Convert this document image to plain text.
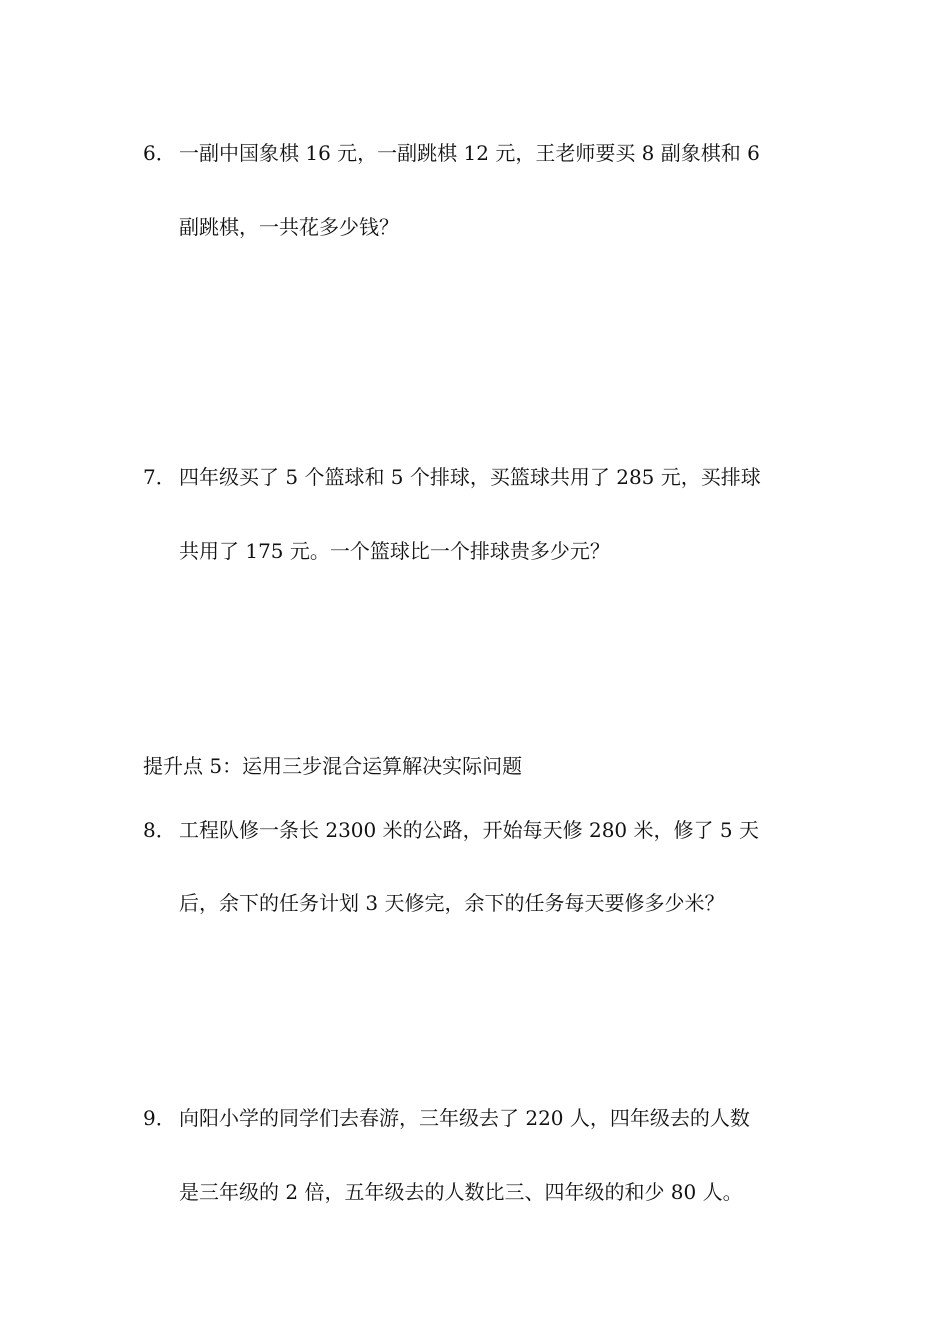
6． 一副中国象棋 16 元，一副跳棋 12 元，王老师要买 8 副象棋和 6
副跳棋，一共花多少钱？
7． 四年级买了 5 个篮球和 5 个排球，买篮球共用了 285 元，买排球
共用了 175 元。一个篮球比一个排球贵多少元？
提升点 5：运用三步混合运算解决实际问题
8． 工程队修一条长 2300 米的公路，开始每天修 280 米，修了 5 天
后，余下的任务计划 3 天修完，余下的任务每天要修多少米？
9． 向阳小学的同学们去春游，三年级去了 220 人，四年级去的人数
是三年级的 2 倍，五年级去的人数比三、四年级的和少 80 人。
